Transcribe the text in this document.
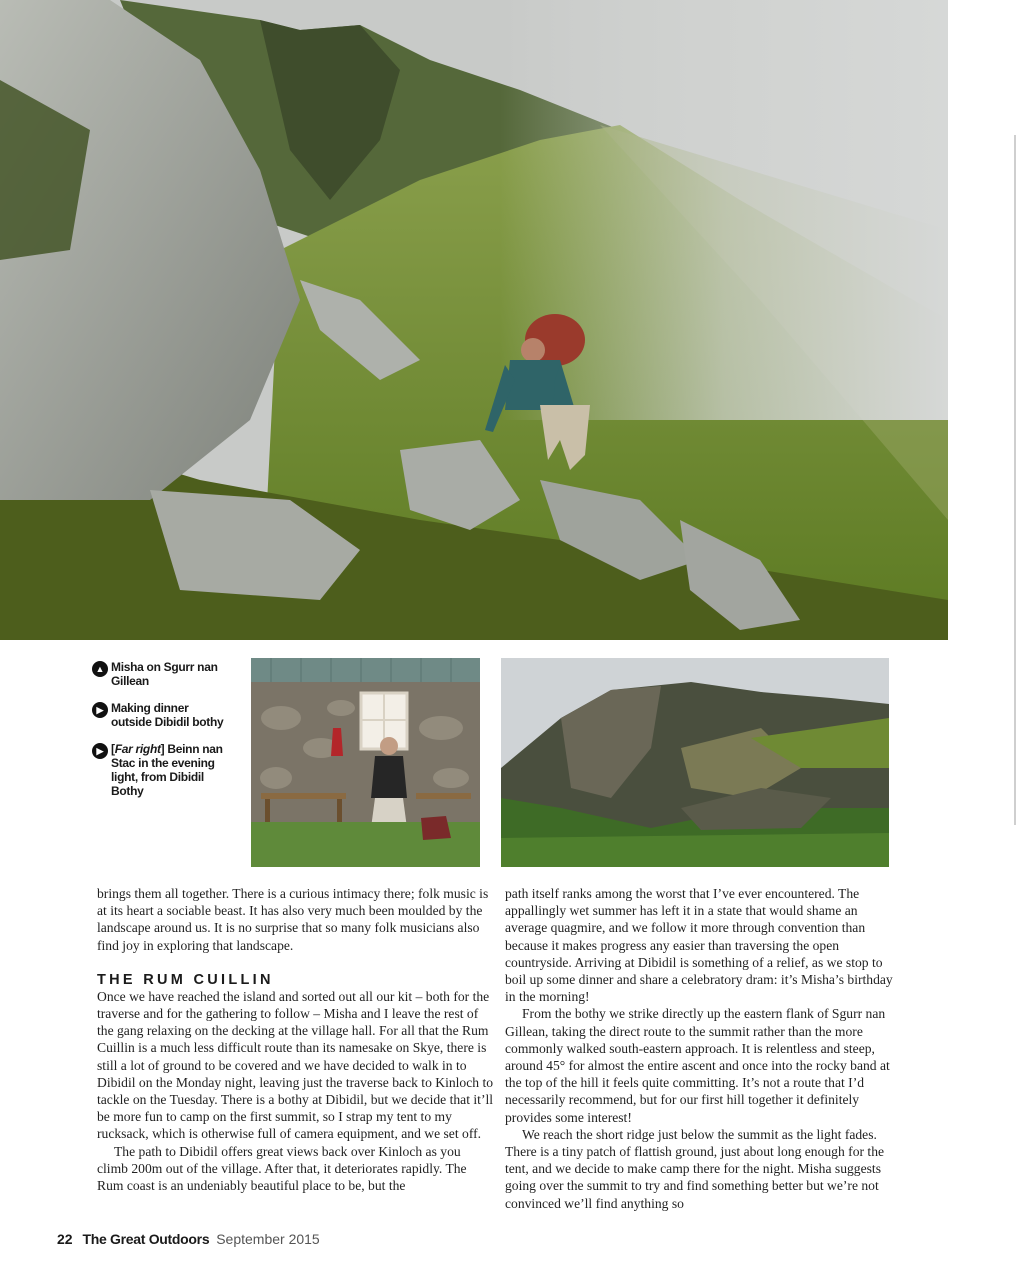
▲ Misha on Sgurr nan Gillean
▶ Making dinner outside Dibidil bothy
▶ [Far right] Beinn nan Stac in the evening light, from Dibidil Bothy

brings them all together. There is a curious intimacy there; folk music is at its heart a sociable beast. It has also very much been moulded by the landscape around us. It is no surprise that so many folk musicians also find joy in exploring that landscape.

THE RUM CUILLIN

Once we have reached the island and sorted out all our kit – both for the traverse and for the gathering to follow – Misha and I leave the rest of the gang relaxing on the decking at the village hall. For all that the Rum Cuillin is a much less difficult route than its namesake on Skye, there is still a lot of ground to be covered and we have decided to walk in to Dibidil on the Monday night, leaving just the traverse back to Kinloch to tackle on the Tuesday. There is a bothy at Dibidil, but we decide that it’ll be more fun to camp on the first summit, so I strap my tent to my rucksack, which is otherwise full of camera equipment, and we set off.

The path to Dibidil offers great views back over Kinloch as you climb 200m out of the village. After that, it deteriorates rapidly. The Rum coast is an undeniably beautiful place to be, but the

path itself ranks among the worst that I’ve ever encountered. The appallingly wet summer has left it in a state that would shame an average quagmire, and we follow it more through convention than because it makes progress any easier than traversing the open countryside. Arriving at Dibidil is something of a relief, as we stop to boil up some dinner and share a celebratory dram: it’s Misha’s birthday in the morning!

From the bothy we strike directly up the eastern flank of Sgurr nan Gillean, taking the direct route to the summit rather than the more commonly walked south-eastern approach. It is relentless and steep, around 45° for almost the entire ascent and once into the rocky band at the top of the hill it feels quite committing. It’s not a route that I’d necessarily recommend, but for our first hill together it definitely provides some interest!

We reach the short ridge just below the summit as the light fades. There is a tiny patch of flattish ground, just about long enough for the tent, and we decide to make camp there for the night. Misha suggests going over the summit to try and find something better but we’re not convinced we’ll find anything so

22 The Great Outdoors September 2015
